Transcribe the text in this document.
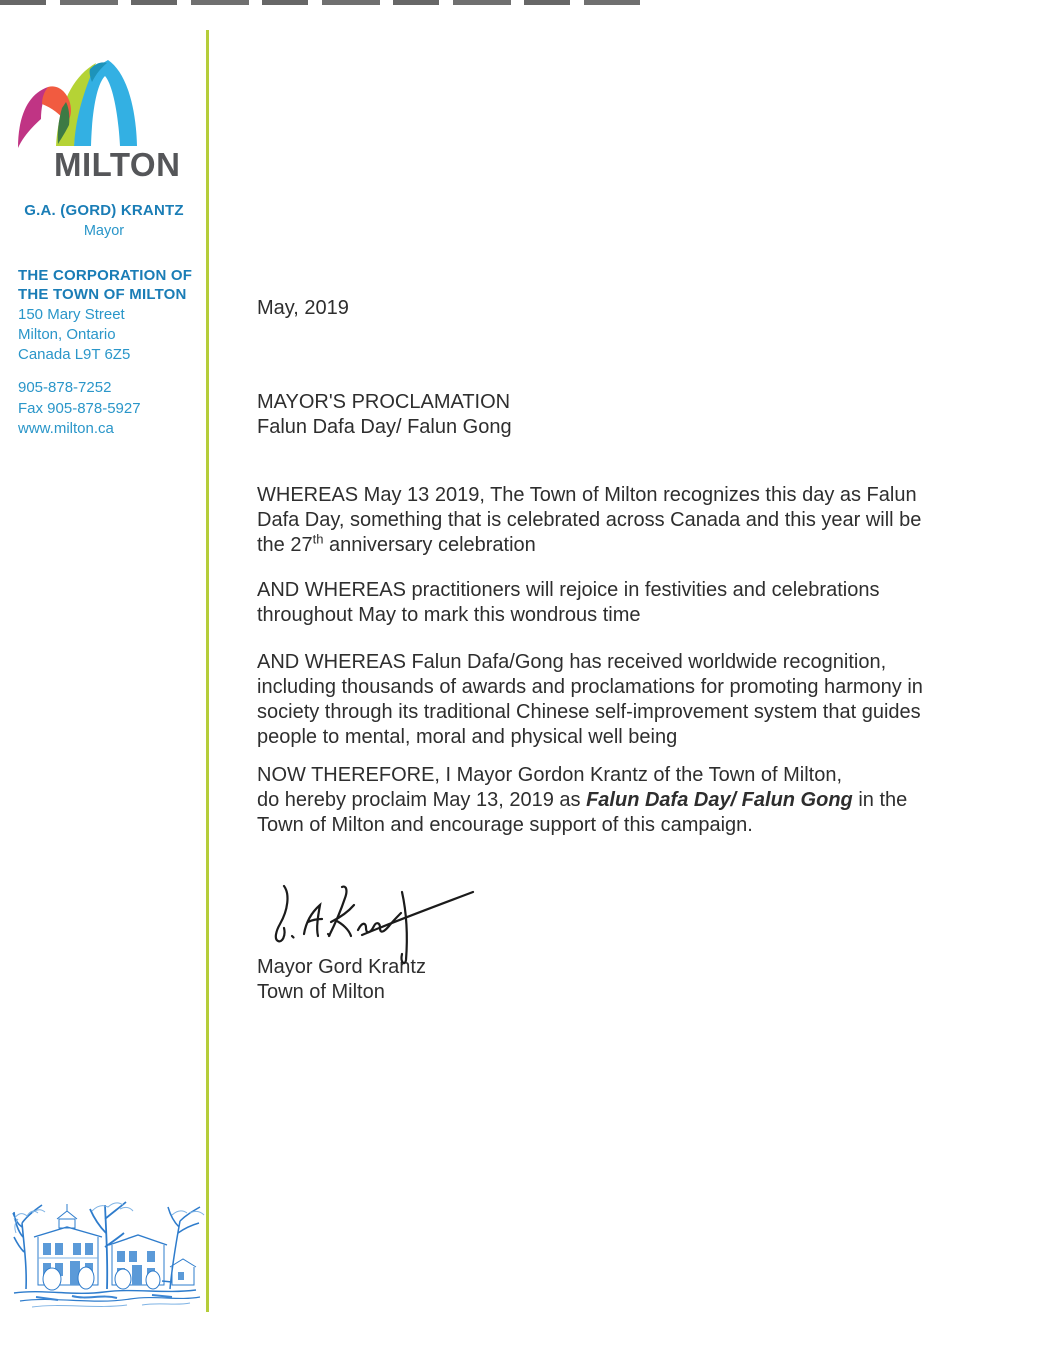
MILTON
G.A. (GORD) KRANTZ
Mayor
THE CORPORATION OF
THE TOWN OF MILTON
150 Mary Street
Milton, Ontario
Canada L9T 6Z5
905-878-7252
Fax 905-878-5927
www.milton.ca
May, 2019
MAYOR'S PROCLAMATION
Falun Dafa Day/ Falun Gong
WHEREAS May 13 2019, The Town of Milton recognizes this day as Falun Dafa Day, something that is celebrated across Canada and this year will be the 27th anniversary celebration
AND WHEREAS practitioners will rejoice in festivities and celebrations throughout May to mark this wondrous time
AND WHEREAS Falun Dafa/Gong has received worldwide recognition, including thousands of awards and proclamations for promoting harmony in society through its traditional Chinese self-improvement system that guides people to mental, moral and physical well being
NOW THEREFORE, I Mayor Gordon Krantz of the Town of Milton,
do hereby proclaim May 13, 2019 as Falun Dafa Day/ Falun Gong in the Town of Milton and encourage support of this campaign.
Mayor Gord Krantz
Town of Milton
